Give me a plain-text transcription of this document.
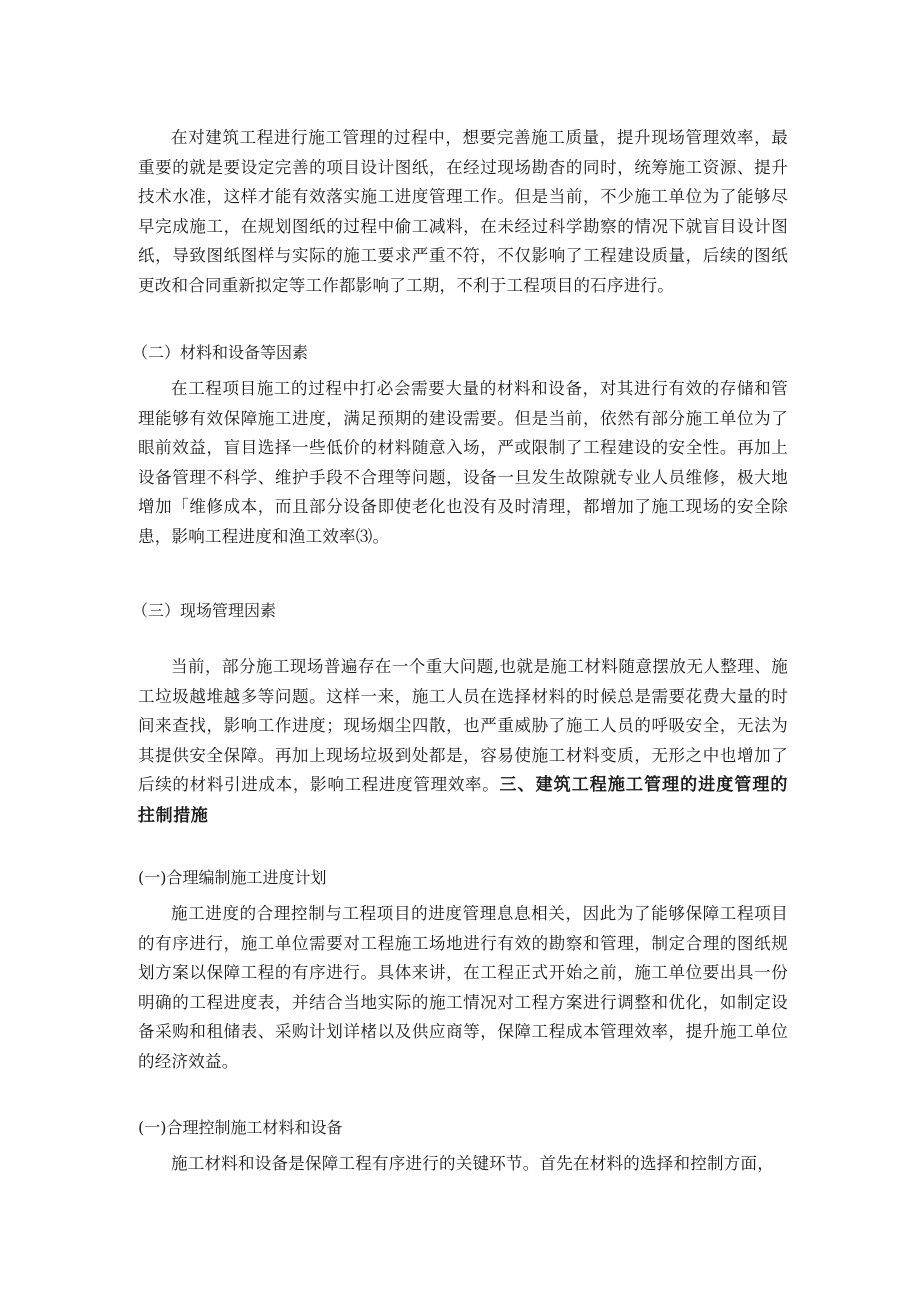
在对建筑工程进行施工管理的过程中，想要完善施工质量，提升现场管理效率，最重要的就是要设定完善的项目设计图纸，在经过现场勘杳的同时，统筹施工资源、提升技术水准，这样才能有效落实施工进度管理工作。但是当前，不少施工单位为了能够尽早完成施工，在规划图纸的过程中偷工减料，在未经过科学勘察的情况下就盲目设计图纸，导致图纸图样与实际的施工要求严重不符，不仅影响了工程建设质量，后续的图纸更改和合同重新拟定等工作都影响了工期，不利于工程项目的石序进行。

（二）材料和设备等因素

在工程项目施工的过程中打必会需要大量的材料和设备，对其进行有效的存储和管理能够有效保障施工进度，满足预期的建设需要。但是当前，依然有部分施工单位为了眼前效益，盲目选择一些低价的材料随意入场，严或限制了工程建设的安全性。再加上设备管理不科学、维护手段不合理等问题，设备一旦发生故隙就专业人员维修，极大地增加「维修成本，而且部分设备即使老化也没有及时清理，都增加了施工现场的安全除患，影响工程进度和渔工效率⑶。

（三）现场管理因素

当前，部分施工现场普遍存在一个重大问题,也就是施工材料随意摆放无人整理、施工垃圾越堆越多等问题。这样一来，施工人员在选择材料的时候总是需要花费大量的时间来查找，影响工作进度；现场烟尘四散，也严重威胁了施工人员的呼吸安全，无法为其提供安全保障。再加上现场垃圾到处都是，容易使施工材料变质，无形之中也增加了后续的材料引进成本，影响工程进度管理效率。三、建筑工程施工管理的进度管理的拄制措施

(一)合理编制施工进度计划

施工进度的合理控制与工程项目的进度管理息息相关，因此为了能够保障工程项目的有序进行，施工单位需要对工程施工场地进行有效的勘察和管理，制定合理的图纸规划方案以保障工程的有序进行。具体来讲，在工程正式开始之前，施工单位要出具一份明确的工程进度表，并结合当地实际的施工情况对工程方案进行调整和优化，如制定设备采购和租储表、采购计划详楮以及供应商等，保障工程成本管理效率，提升施工单位的经济效益。

(一)合理控制施工材料和设备

施工材料和设备是保障工程有序进行的关键环节。首先在材料的选择和控制方面，
